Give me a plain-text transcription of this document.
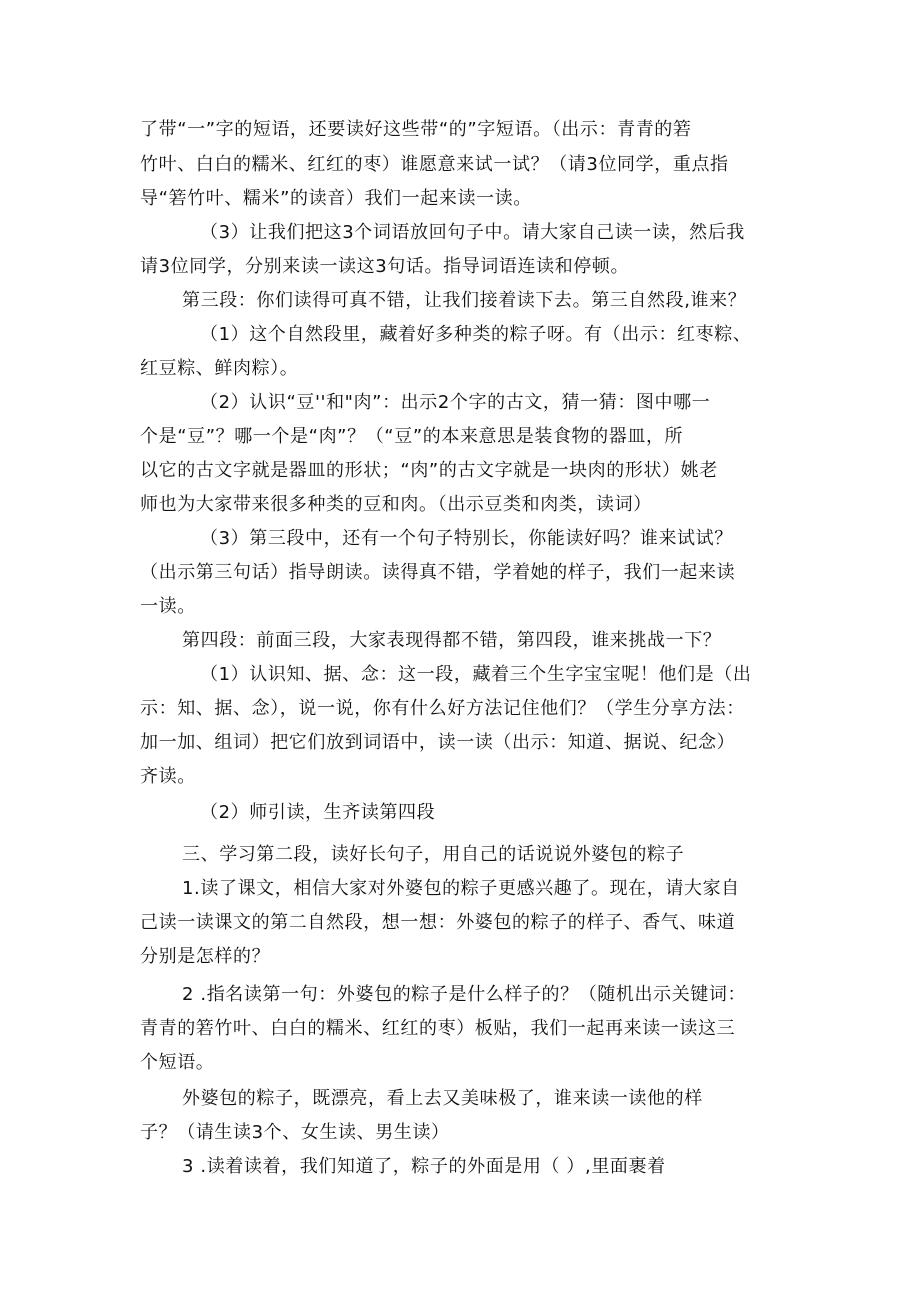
了带“一”字的短语，还要读好这些带“的”字短语。（出示：青青的箬
竹叶、白白的糯米、红红的枣）谁愿意来试一试？（请3位同学，重点指
导“箬竹叶、糯米”的读音）我们一起来读一读。
（3）让我们把这3个词语放回句子中。请大家自己读一读，然后我
请3位同学，分别来读一读这3句话。指导词语连读和停顿。
第三段：你们读得可真不错，让我们接着读下去。第三自然段,谁来？
（1）这个自然段里，藏着好多种类的粽子呀。有（出示：红枣粽、
红豆粽、鲜肉粽）。
（2）认识“豆''和"肉”：出示2个字的古文，猜一猜：图中哪一
个是“豆”？哪一个是“肉”？（“豆”的本来意思是装食物的器皿，所
以它的古文字就是器皿的形状；“肉”的古文字就是一块肉的形状）姚老
师也为大家带来很多种类的豆和肉。（出示豆类和肉类，读词）
（3）第三段中，还有一个句子特别长，你能读好吗？谁来试试？
（出示第三句话）指导朗读。读得真不错，学着她的样子，我们一起来读
一读。
第四段：前面三段，大家表现得都不错，第四段，谁来挑战一下？
（1）认识知、据、念：这一段，藏着三个生字宝宝呢！他们是（出
示：知、据、念），说一说，你有什么好方法记住他们？（学生分享方法：
加一加、组词）把它们放到词语中，读一读（出示：知道、据说、纪念）
齐读。
（2）师引读，生齐读第四段
三、学习第二段，读好长句子，用自己的话说说外婆包的粽子
1.读了课文，相信大家对外婆包的粽子更感兴趣了。现在，请大家自
己读一读课文的第二自然段，想一想：外婆包的粽子的样子、香气、味道
分别是怎样的？
2 .指名读第一句：外婆包的粽子是什么样子的？（随机出示关键词：
青青的箬竹叶、白白的糯米、红红的枣）板贴，我们一起再来读一读这三
个短语。
外婆包的粽子，既漂亮，看上去又美味极了，谁来读一读他的样
子？（请生读3个、女生读、男生读）
3 .读着读着，我们知道了，粽子的外面是用（ ）,里面裹着
